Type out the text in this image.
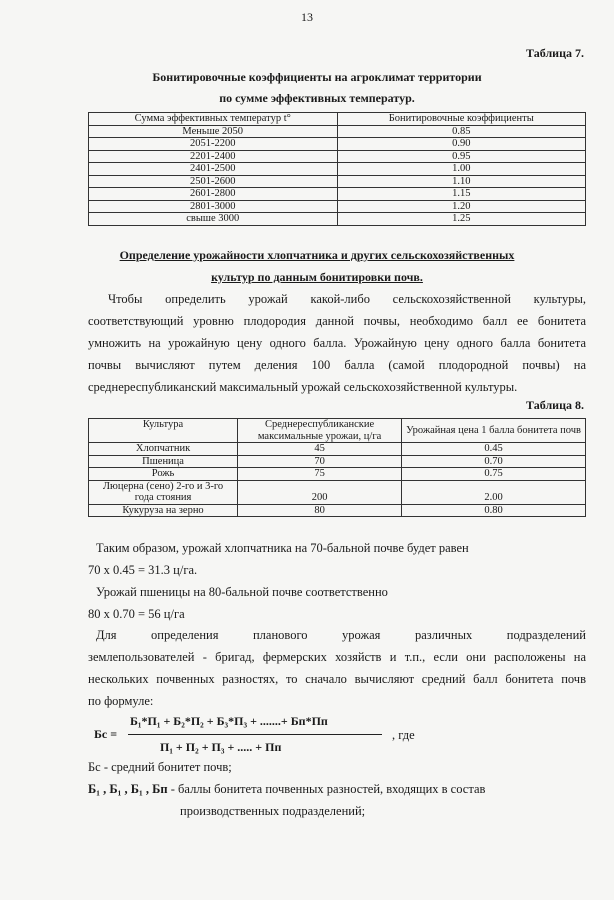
13
Таблица 7.
Бонитировочные коэффициенты на агроклимат территории
по сумме эффективных температур.
Сумма эффективных температур t°	Бонитировочные коэффициенты
Меньше 2050	0.85
2051-2200	0.90
2201-2400	0.95
2401-2500	1.00
2501-2600	1.10
2601-2800	1.15
2801-3000	1.20
свыше 3000	1.25
Определение урожайности хлопчатника и других сельскохозяйственных
культур по данным бонитировки почв.
Чтобы определить урожай какой-либо сельскохозяйственной культуры,
соответствующий уровню плодородия данной почвы, необходимо балл ее бонитета
умножить на урожайную цену одного балла. Урожайную цену одного балла бонитета
почвы вычисляют путем деления 100 балла (самой плодородной почвы) на
среднереспубликанский максимальный урожай сельскохозяйственной культуры.
Таблица 8.
Культура	Среднереспубликанские максимальные урожаи, ц/га	Урожайная цена 1 балла бонитета почв
Хлопчатник	45	0.45
Пшеница	70	0.70
Рожь	75	0.75
Люцерна (сено) 2-го и 3-го года стояния	200	2.00
Кукуруза на зерно	80	0.80
Таким образом, урожай хлопчатника на 70-бальной почве будет равен
70 х 0.45 = 31.3 ц/га.
Урожай пшеницы на 80-бальной почве соответственно
80 х 0.70 = 56 ц/га
Для определения планового урожая различных подразделений
землепользователей - бригад, фермерских хозяйств и т.п., если они расположены на
нескольких почвенных разностях, то сначало вычисляют средний балл бонитета почв
по формуле:
Бс =
Б₁*П₁ + Б₂*П₂ + Б₃*П₃ + .......+ Бп*Пп
П₁ + П₂ + П₃ + ..... + Пп
, где
Бс - средний бонитет почв;
Б₁ , Б₁ , Б₁ , Бп - баллы бонитета почвенных разностей, входящих в состав
производственных подразделений;
